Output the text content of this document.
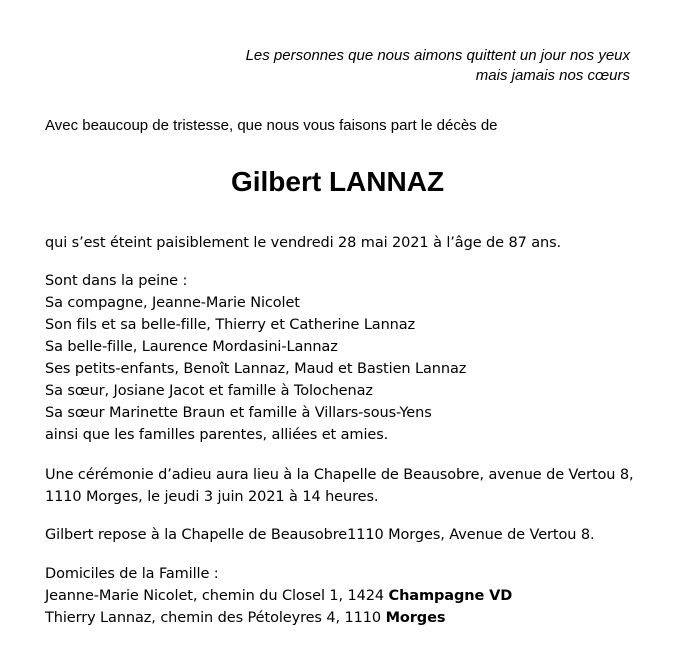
Les personnes que nous aimons quittent un jour nos yeux
mais jamais nos cœurs
Avec beaucoup de tristesse, que nous vous faisons part le décès de
Gilbert LANNAZ
qui s’est éteint paisiblement le vendredi 28 mai 2021 à l’âge de 87 ans.
Sont dans la peine :
Sa compagne, Jeanne-Marie Nicolet
Son fils et sa belle-fille, Thierry et Catherine Lannaz
Sa belle-fille, Laurence Mordasini-Lannaz
Ses petits-enfants, Benoît Lannaz, Maud et Bastien Lannaz
Sa sœur, Josiane Jacot et famille à Tolochenaz
Sa sœur Marinette Braun et famille à Villars-sous-Yens
ainsi que les familles parentes, alliées et amies.
Une cérémonie d’adieu aura lieu à la Chapelle de Beausobre, avenue de Vertou 8,
1110 Morges, le jeudi 3 juin 2021 à 14 heures.
Gilbert repose à la Chapelle de Beausobre1110 Morges, Avenue de Vertou 8.
Domiciles de la Famille :
Jeanne-Marie Nicolet, chemin du Closel 1, 1424 Champagne VD
Thierry Lannaz, chemin des Pétoleyres 4, 1110 Morges
